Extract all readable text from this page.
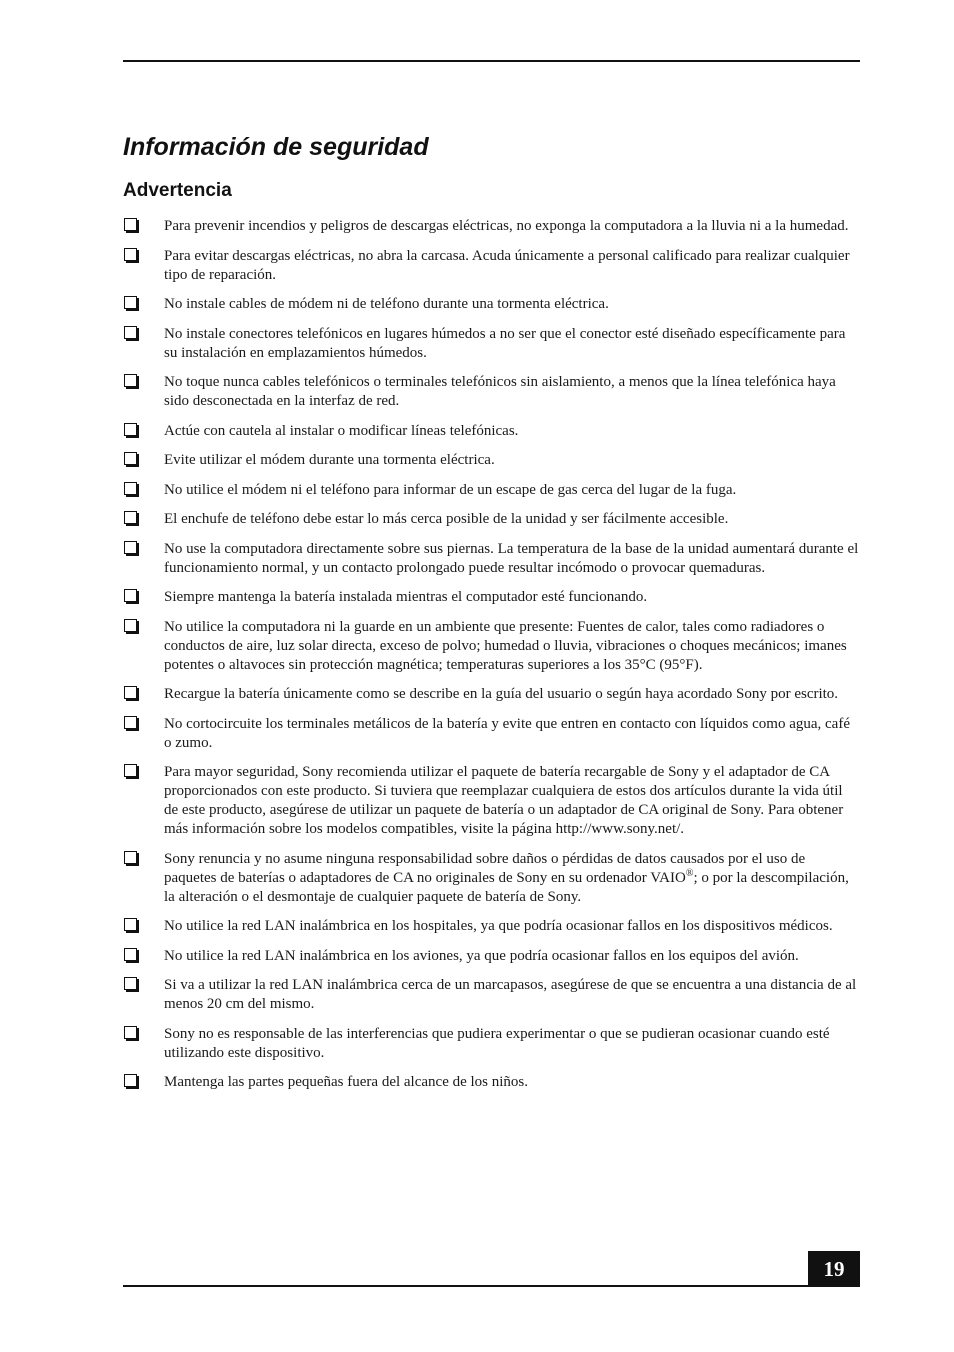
Información de seguridad
Advertencia
Para prevenir incendios y peligros de descargas eléctricas, no exponga la computadora a la lluvia ni a la humedad.
Para evitar descargas eléctricas, no abra la carcasa. Acuda únicamente a personal calificado para realizar cualquier tipo de reparación.
No instale cables de módem ni de teléfono durante una tormenta eléctrica.
No instale conectores telefónicos en lugares húmedos a no ser que el conector esté diseñado específicamente para su instalación en emplazamientos húmedos.
No toque nunca cables telefónicos o terminales telefónicos sin aislamiento, a menos que la línea telefónica haya sido desconectada en la interfaz de red.
Actúe con cautela al instalar o modificar líneas telefónicas.
Evite utilizar el módem durante una tormenta eléctrica.
No utilice el módem ni el teléfono para informar de un escape de gas cerca del lugar de la fuga.
El enchufe de teléfono debe estar lo más cerca posible de la unidad y ser fácilmente accesible.
No use la computadora directamente sobre sus piernas. La temperatura de la base de la unidad aumentará durante el funcionamiento normal, y un contacto prolongado puede resultar incómodo o provocar quemaduras.
Siempre mantenga la batería instalada mientras el computador esté funcionando.
No utilice la computadora ni la guarde en un ambiente que presente: Fuentes de calor, tales como radiadores o conductos de aire, luz solar directa, exceso de polvo; humedad o lluvia, vibraciones o choques mecánicos; imanes potentes o altavoces sin protección magnética; temperaturas superiores a los 35°C (95°F).
Recargue la batería únicamente como se describe en la guía del usuario o según haya acordado Sony por escrito.
No cortocircuite los terminales metálicos de la batería y evite que entren en contacto con líquidos como agua, café o zumo.
Para mayor seguridad, Sony recomienda utilizar el paquete de batería recargable de Sony y el adaptador de CA proporcionados con este producto. Si tuviera que reemplazar cualquiera de estos dos artículos durante la vida útil de este producto, asegúrese de utilizar un paquete de batería o un adaptador de CA original de Sony. Para obtener más información sobre los modelos compatibles, visite la página http://www.sony.net/.
Sony renuncia y no asume ninguna responsabilidad sobre daños o pérdidas de datos causados por el uso de paquetes de baterías o adaptadores de CA no originales de Sony en su ordenador VAIO®; o por la descompilación, la alteración o el desmontaje de cualquier paquete de batería de Sony.
No utilice la red LAN inalámbrica en los hospitales, ya que podría ocasionar fallos en los dispositivos médicos.
No utilice la red LAN inalámbrica en los aviones, ya que podría ocasionar fallos en los equipos del avión.
Si va a utilizar la red LAN inalámbrica cerca de un marcapasos, asegúrese de que se encuentra a una distancia de al menos 20 cm del mismo.
Sony no es responsable de las interferencias que pudiera experimentar o que se pudieran ocasionar cuando esté utilizando este dispositivo.
Mantenga las partes pequeñas fuera del alcance de los niños.
19
